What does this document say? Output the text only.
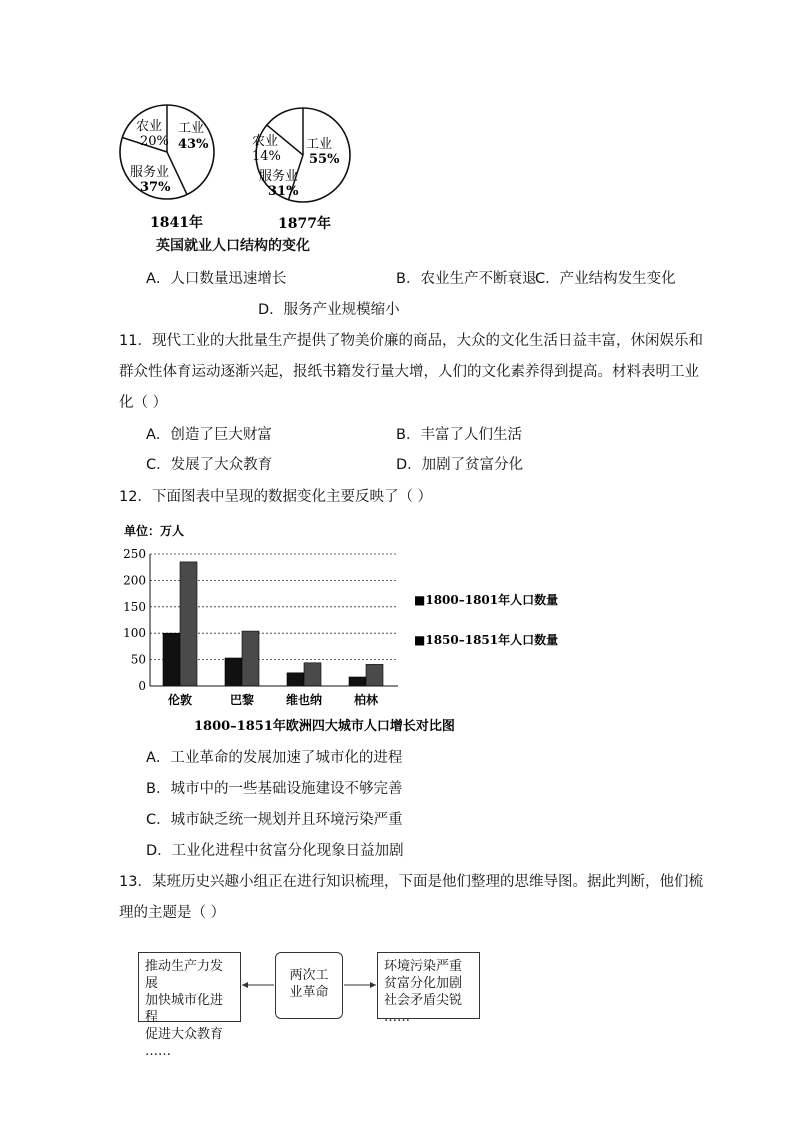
农业
20%
工业
43%
服务业
37%
1841年
农业
14%
工业
55%
服务业
31%
1877年
英国就业人口结构的变化
A．人口数量迅速增长	B．农业生产不断衰退
C．产业结构发生变化
D．服务产业规模缩小
11．现代工业的大批量生产提供了物美价廉的商品，大众的文化生活日益丰富，休闲娱乐和
群众性体育运动逐渐兴起，报纸书籍发行量大增，人们的文化素养得到提高。材料表明工业
化（ ）
A．创造了巨大财富	B．丰富了人们生活
C．发展了大众教育	D．加剧了贫富分化
12．下面图表中呈现的数据变化主要反映了（ ）
单位：万人
250
200
150
100
50
0
伦敦	巴黎	维也纳	柏林
■1800–1801年人口数量
■1850–1851年人口数量
1800–1851年欧洲四大城市人口增长对比图
A．工业革命的发展加速了城市化的进程
B．城市中的一些基础设施建设不够完善
C．城市缺乏统一规划并且环境污染严重
D．工业化进程中贫富分化现象日益加剧
13．某班历史兴趣小组正在进行知识梳理，下面是他们整理的思维导图。据此判断，他们梳
理的主题是（ ）
推动生产力发展
加快城市化进程
促进大众教育
……
两次工
业革命
环境污染严重
贫富分化加剧
社会矛盾尖锐
……
